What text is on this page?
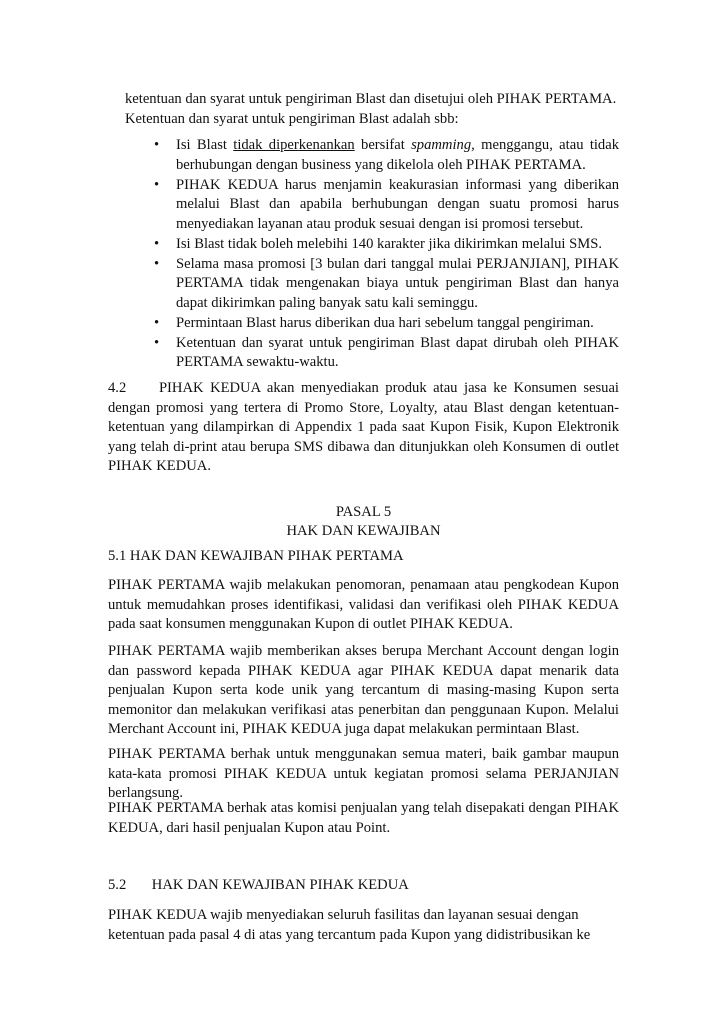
ketentuan dan syarat untuk pengiriman Blast dan disetujui oleh PIHAK PERTAMA.
Ketentuan dan syarat untuk pengiriman Blast adalah sbb:
• Isi Blast tidak diperkenankan bersifat spamming, menggangu, atau tidak berhubungan dengan business yang dikelola oleh PIHAK PERTAMA.
• PIHAK KEDUA harus menjamin keakurasian informasi yang diberikan melalui Blast dan apabila berhubungan dengan suatu promosi harus menyediakan layanan atau produk sesuai dengan isi promosi tersebut.
• Isi Blast tidak boleh melebihi 140 karakter jika dikirimkan melalui SMS.
• Selama masa promosi [3 bulan dari tanggal mulai PERJANJIAN], PIHAK PERTAMA tidak mengenakan biaya untuk pengiriman Blast dan hanya dapat dikirimkan paling banyak satu kali seminggu.
• Permintaan Blast harus diberikan dua hari sebelum tanggal pengiriman.
• Ketentuan dan syarat untuk pengiriman Blast dapat dirubah oleh PIHAK PERTAMA sewaktu-waktu.

4.2 PIHAK KEDUA akan menyediakan produk atau jasa ke Konsumen sesuai dengan promosi yang tertera di Promo Store, Loyalty, atau Blast dengan ketentuan-ketentuan yang dilampirkan di Appendix 1 pada saat Kupon Fisik, Kupon Elektronik yang telah di-print atau berupa SMS dibawa dan ditunjukkan oleh Konsumen di outlet PIHAK KEDUA.

PASAL 5
HAK DAN KEWAJIBAN
5.1 HAK DAN KEWAJIBAN PIHAK PERTAMA

PIHAK PERTAMA wajib melakukan penomoran, penamaan atau pengkodean Kupon untuk memudahkan proses identifikasi, validasi dan verifikasi oleh PIHAK KEDUA pada saat konsumen menggunakan Kupon di outlet PIHAK KEDUA.

PIHAK PERTAMA wajib memberikan akses berupa Merchant Account dengan login dan password kepada PIHAK KEDUA agar PIHAK KEDUA dapat menarik data penjualan Kupon serta kode unik yang tercantum di masing-masing Kupon serta memonitor dan melakukan verifikasi atas penerbitan dan penggunaan Kupon. Melalui Merchant Account ini, PIHAK KEDUA juga dapat melakukan permintaan Blast.

PIHAK PERTAMA berhak untuk menggunakan semua materi, baik gambar maupun kata-kata promosi PIHAK KEDUA untuk kegiatan promosi selama PERJANJIAN berlangsung.

PIHAK PERTAMA berhak atas komisi penjualan yang telah disepakati dengan PIHAK KEDUA, dari hasil penjualan Kupon atau Point.

5.2 HAK DAN KEWAJIBAN PIHAK KEDUA
PIHAK KEDUA wajib menyediakan seluruh fasilitas dan layanan sesuai dengan
ketentuan pada pasal 4 di atas yang tercantum pada Kupon yang didistribusikan ke
